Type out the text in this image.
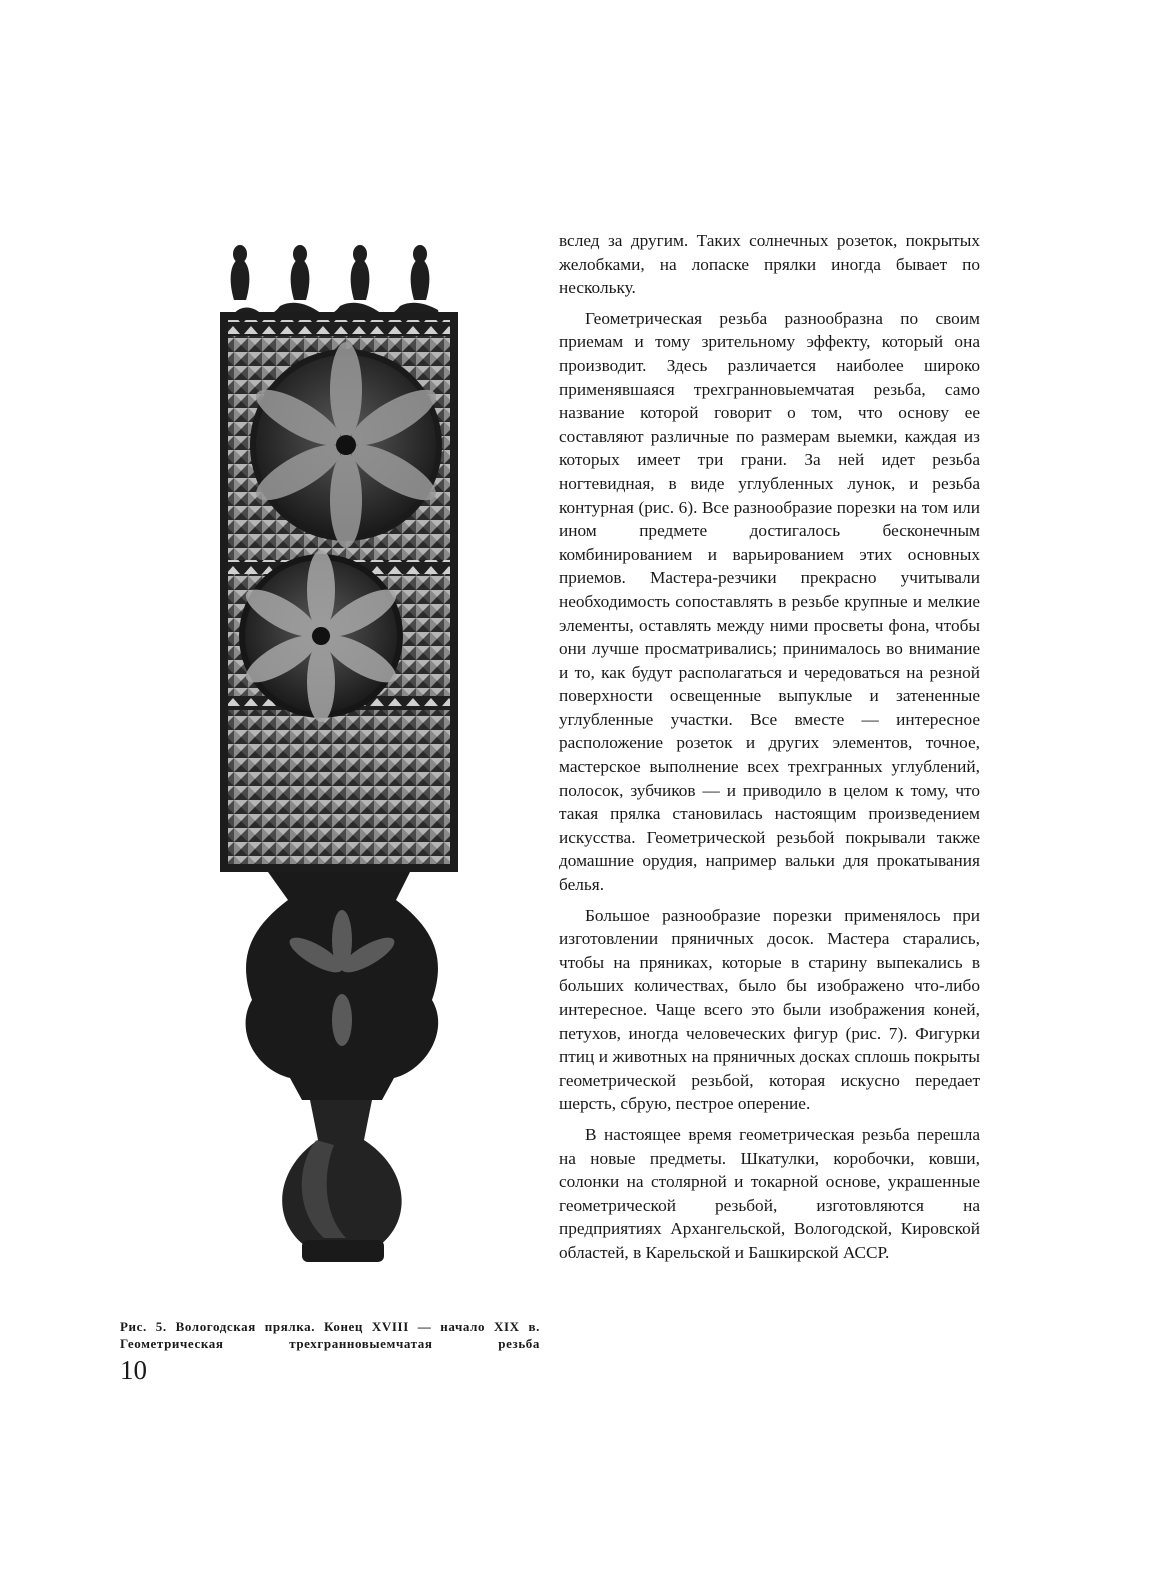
Рис. 5. Вологодская прялка. Конец XVIII — начало XIX в. Геометрическая трехгранновыемчатая резьба
10

вслед за другим. Таких солнечных розеток, покрытых желобками, на лопаске прялки иногда бывает по нескольку.

Геометрическая резьба разнообразна по своим приемам и тому зрительному эффекту, который она производит. Здесь различается наиболее широко применявшаяся трехгранновыемчатая резьба, само название которой говорит о том, что основу ее составляют различные по размерам выемки, каждая из которых имеет три грани. За ней идет резьба ногтевидная, в виде углубленных лунок, и резьба контурная (рис. 6). Все разнообразие порезки на том или ином предмете достигалось бесконечным комбинированием и варьированием этих основных приемов. Мастера-резчики прекрасно учитывали необходимость сопоставлять в резьбе крупные и мелкие элементы, оставлять между ними просветы фона, чтобы они лучше просматривались; принималось во внимание и то, как будут располагаться и чередоваться на резной поверхности освещенные выпуклые и затененные углубленные участки. Все вместе — интересное расположение розеток и других элементов, точное, мастерское выполнение всех трехгранных углублений, полосок, зубчиков — и приводило в целом к тому, что такая прялка становилась настоящим произведением искусства. Геометрической резьбой покрывали также домашние орудия, например вальки для прокатывания белья.

Большое разнообразие порезки применялось при изготовлении пряничных досок. Мастера старались, чтобы на пряниках, которые в старину выпекались в больших количествах, было бы изображено что-либо интересное. Чаще всего это были изображения коней, петухов, иногда человеческих фигур (рис. 7). Фигурки птиц и животных на пряничных досках сплошь покрыты геометрической резьбой, которая искусно передает шерсть, сбрую, пестрое оперение.

В настоящее время геометрическая резьба перешла на новые предметы. Шкатулки, коробочки, ковши, солонки на столярной и токарной основе, украшенные геометрической резьбой, изготовляются на предприятиях Архангельской, Вологодской, Кировской областей, в Карельской и Башкирской АССР.
